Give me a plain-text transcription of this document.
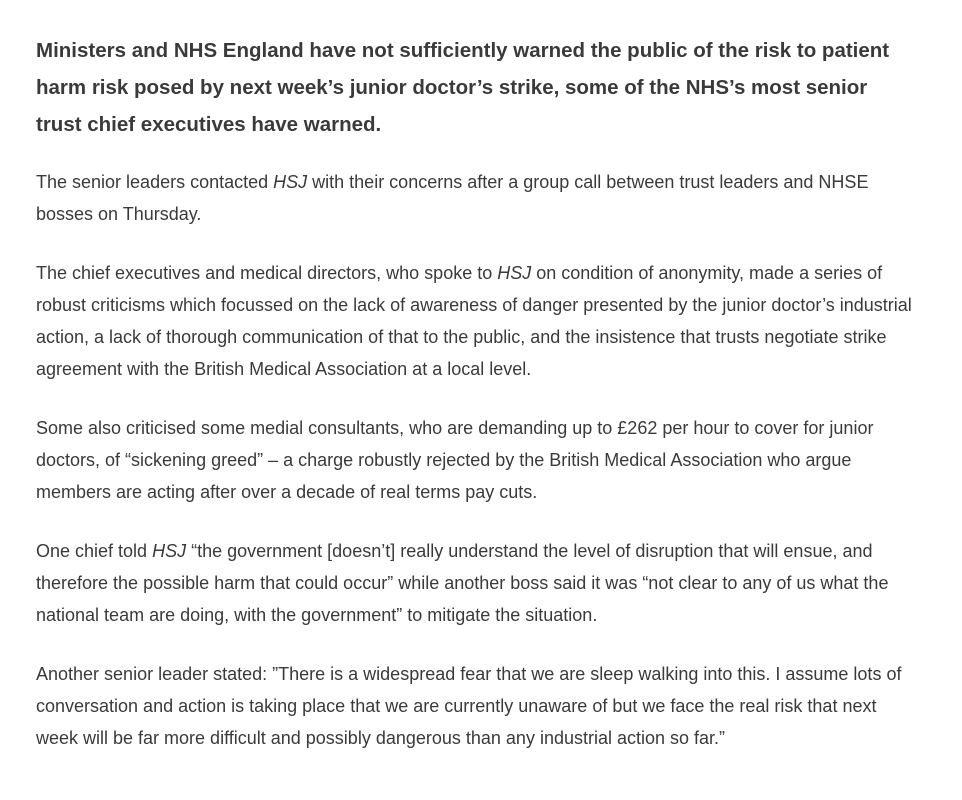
Ministers and NHS England have not sufficiently warned the public of the risk to patient harm risk posed by next week’s junior doctor’s strike, some of the NHS’s most senior trust chief executives have warned.

The senior leaders contacted HSJ with their concerns after a group call between trust leaders and NHSE bosses on Thursday.

The chief executives and medical directors, who spoke to HSJ on condition of anonymity, made a series of robust criticisms which focussed on the lack of awareness of danger presented by the junior doctor’s industrial action, a lack of thorough communication of that to the public, and the insistence that trusts negotiate strike agreement with the British Medical Association at a local level.

Some also criticised some medial consultants, who are demanding up to £262 per hour to cover for junior doctors, of “sickening greed” – a charge robustly rejected by the British Medical Association who argue members are acting after over a decade of real terms pay cuts.

One chief told HSJ “the government [doesn’t] really understand the level of disruption that will ensue, and therefore the possible harm that could occur” while another boss said it was “not clear to any of us what the national team are doing, with the government” to mitigate the situation.

Another senior leader stated: ”There is a widespread fear that we are sleep walking into this. I assume lots of conversation and action is taking place that we are currently unaware of but we face the real risk that next week will be far more difficult and possibly dangerous than any industrial action so far.”
